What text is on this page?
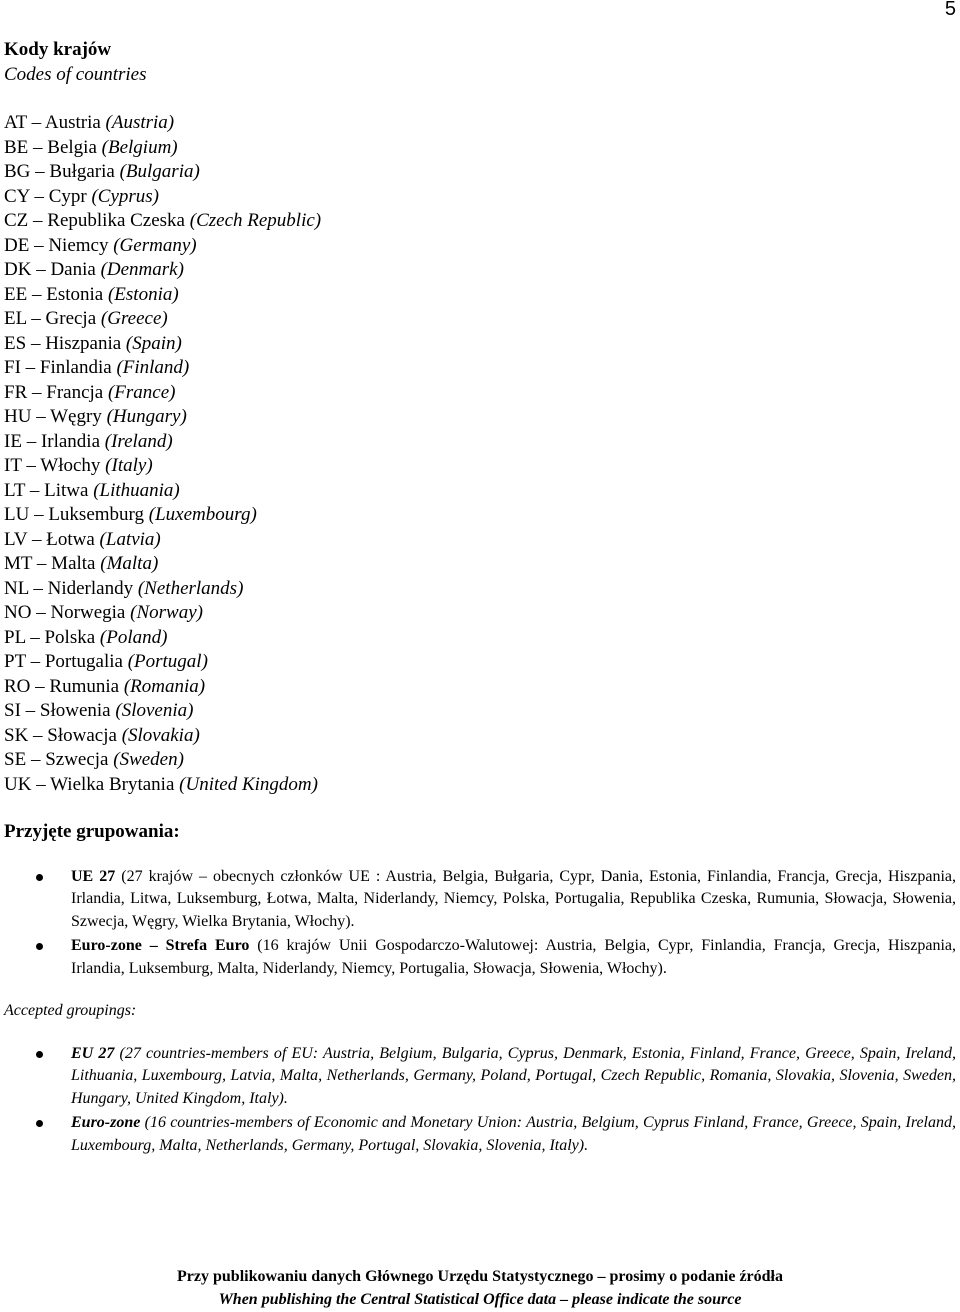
5
Kody krajów
Codes of countries
AT – Austria (Austria)
BE – Belgia (Belgium)
BG – Bułgaria (Bulgaria)
CY – Cypr (Cyprus)
CZ – Republika Czeska (Czech Republic)
DE – Niemcy (Germany)
DK – Dania (Denmark)
EE – Estonia (Estonia)
EL – Grecja (Greece)
ES – Hiszpania (Spain)
FI – Finlandia (Finland)
FR – Francja (France)
HU – Węgry (Hungary)
IE – Irlandia (Ireland)
IT – Włochy (Italy)
LT – Litwa (Lithuania)
LU – Luksemburg (Luxembourg)
LV – Łotwa (Latvia)
MT – Malta (Malta)
NL – Niderlandy (Netherlands)
NO – Norwegia (Norway)
PL – Polska (Poland)
PT – Portugalia (Portugal)
RO – Rumunia (Romania)
SI – Słowenia (Slovenia)
SK – Słowacja (Slovakia)
SE – Szwecja (Sweden)
UK – Wielka Brytania (United Kingdom)
Przyjęte grupowania:
UE 27 (27 krajów – obecnych członków UE : Austria, Belgia, Bułgaria, Cypr, Dania, Estonia, Finlandia, Francja, Grecja, Hiszpania, Irlandia, Litwa, Luksemburg, Łotwa, Malta, Niderlandy, Niemcy, Polska, Portugalia, Republika Czeska, Rumunia, Słowacja, Słowenia, Szwecja, Węgry, Wielka Brytania, Włochy).
Euro-zone – Strefa Euro (16 krajów Unii Gospodarczo-Walutowej: Austria, Belgia, Cypr, Finlandia, Francja, Grecja, Hiszpania, Irlandia, Luksemburg, Malta, Niderlandy, Niemcy, Portugalia, Słowacja, Słowenia, Włochy).
Accepted groupings:
EU 27 (27 countries-members of EU: Austria, Belgium, Bulgaria, Cyprus, Denmark, Estonia, Finland, France, Greece, Spain, Ireland, Lithuania, Luxembourg, Latvia, Malta, Netherlands, Germany, Poland, Portugal, Czech Republic, Romania, Slovakia, Slovenia, Sweden, Hungary, United Kingdom, Italy).
Euro-zone (16 countries-members of Economic and Monetary Union: Austria, Belgium, Cyprus Finland, France, Greece, Spain, Ireland, Luxembourg, Malta, Netherlands, Germany, Portugal, Slovakia, Slovenia, Italy).
Przy publikowaniu danych Głównego Urzędu Statystycznego – prosimy o podanie źródła
When publishing the Central Statistical Office data – please indicate the source
